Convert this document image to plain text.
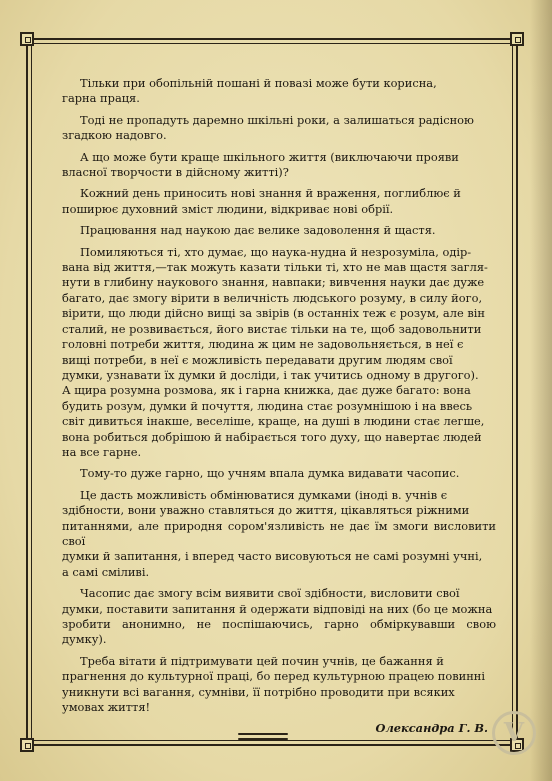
Тільки при обопільній пошані й повазі може бути корисна,
гарна праця.

Тоді не пропадуть даремно шкільні роки, а залишаться радісною
згадкою надовго.

А що може бути краще шкільного життя (виключаючи прояви
власної творчости в дійсному житті)?

Кожний день приносить нові знання й враження, поглиблює й
поширює духовний зміст людини, відкриває нові обрії.

Працювання над наукою дає велике задоволення й щастя.

Помиляються ті, хто думає, що наука-нудна й незрозуміла, одір-
вана від життя,—так можуть казати тільки ті, хто не мав щастя загля-
нути в глибину наукового знання, навпаки; вивчення науки дає дуже
багато, дає змогу вірити в величність людського розуму, в силу його,
вірити, що люди дійсно вищі за звірів (в останніх теж є розум, але він
сталий, не розвивається, його вистає тільки на те, щоб задовольнити
головні потреби життя, людина ж цим не задовольняється, в неї є
вищі потреби, в неї є можливість передавати другим людям свої
думки, узнавати їх думки й досліди, і так учитись одному в другого).
А щира розумна розмова, як і гарна книжка, дає дуже багато: вона
будить розум, думки й почуття, людина стає розумнішою і на ввесь
світ дивиться інакше, веселіше, краще, на душі в людини стає легше,
вона робиться добрішою й набірається того духу, що навертає людей
на все гарне.

Тому-то дуже гарно, що учням впала думка видавати часопис.

Це дасть можливість обмінюватися думками (іноді в. учнів є
здібности, вони уважно ставляться до життя, цікавляться ріжними
питаннями, але природня сором'язливість не дає їм змоги висловити свої
думки й запитання, і вперед часто висовуються не самі розумні учні,
а самі сміливі.

Часопис дає змогу всім виявити свої здібности, висловити свої
думки, поставити запитання й одержати відповіді на них (бо це можна
зробити анонимно, не поспішаючись, гарно обміркувавши свою думку).

Треба вітати й підтримувати цей почин учнів, це бажання й
прагнення до культурної праці, бо перед культурною працею повинні
уникнути всі вагання, сумніви, її потрібно проводити при всяких
умовах життя!

Олександра Г. В. V
